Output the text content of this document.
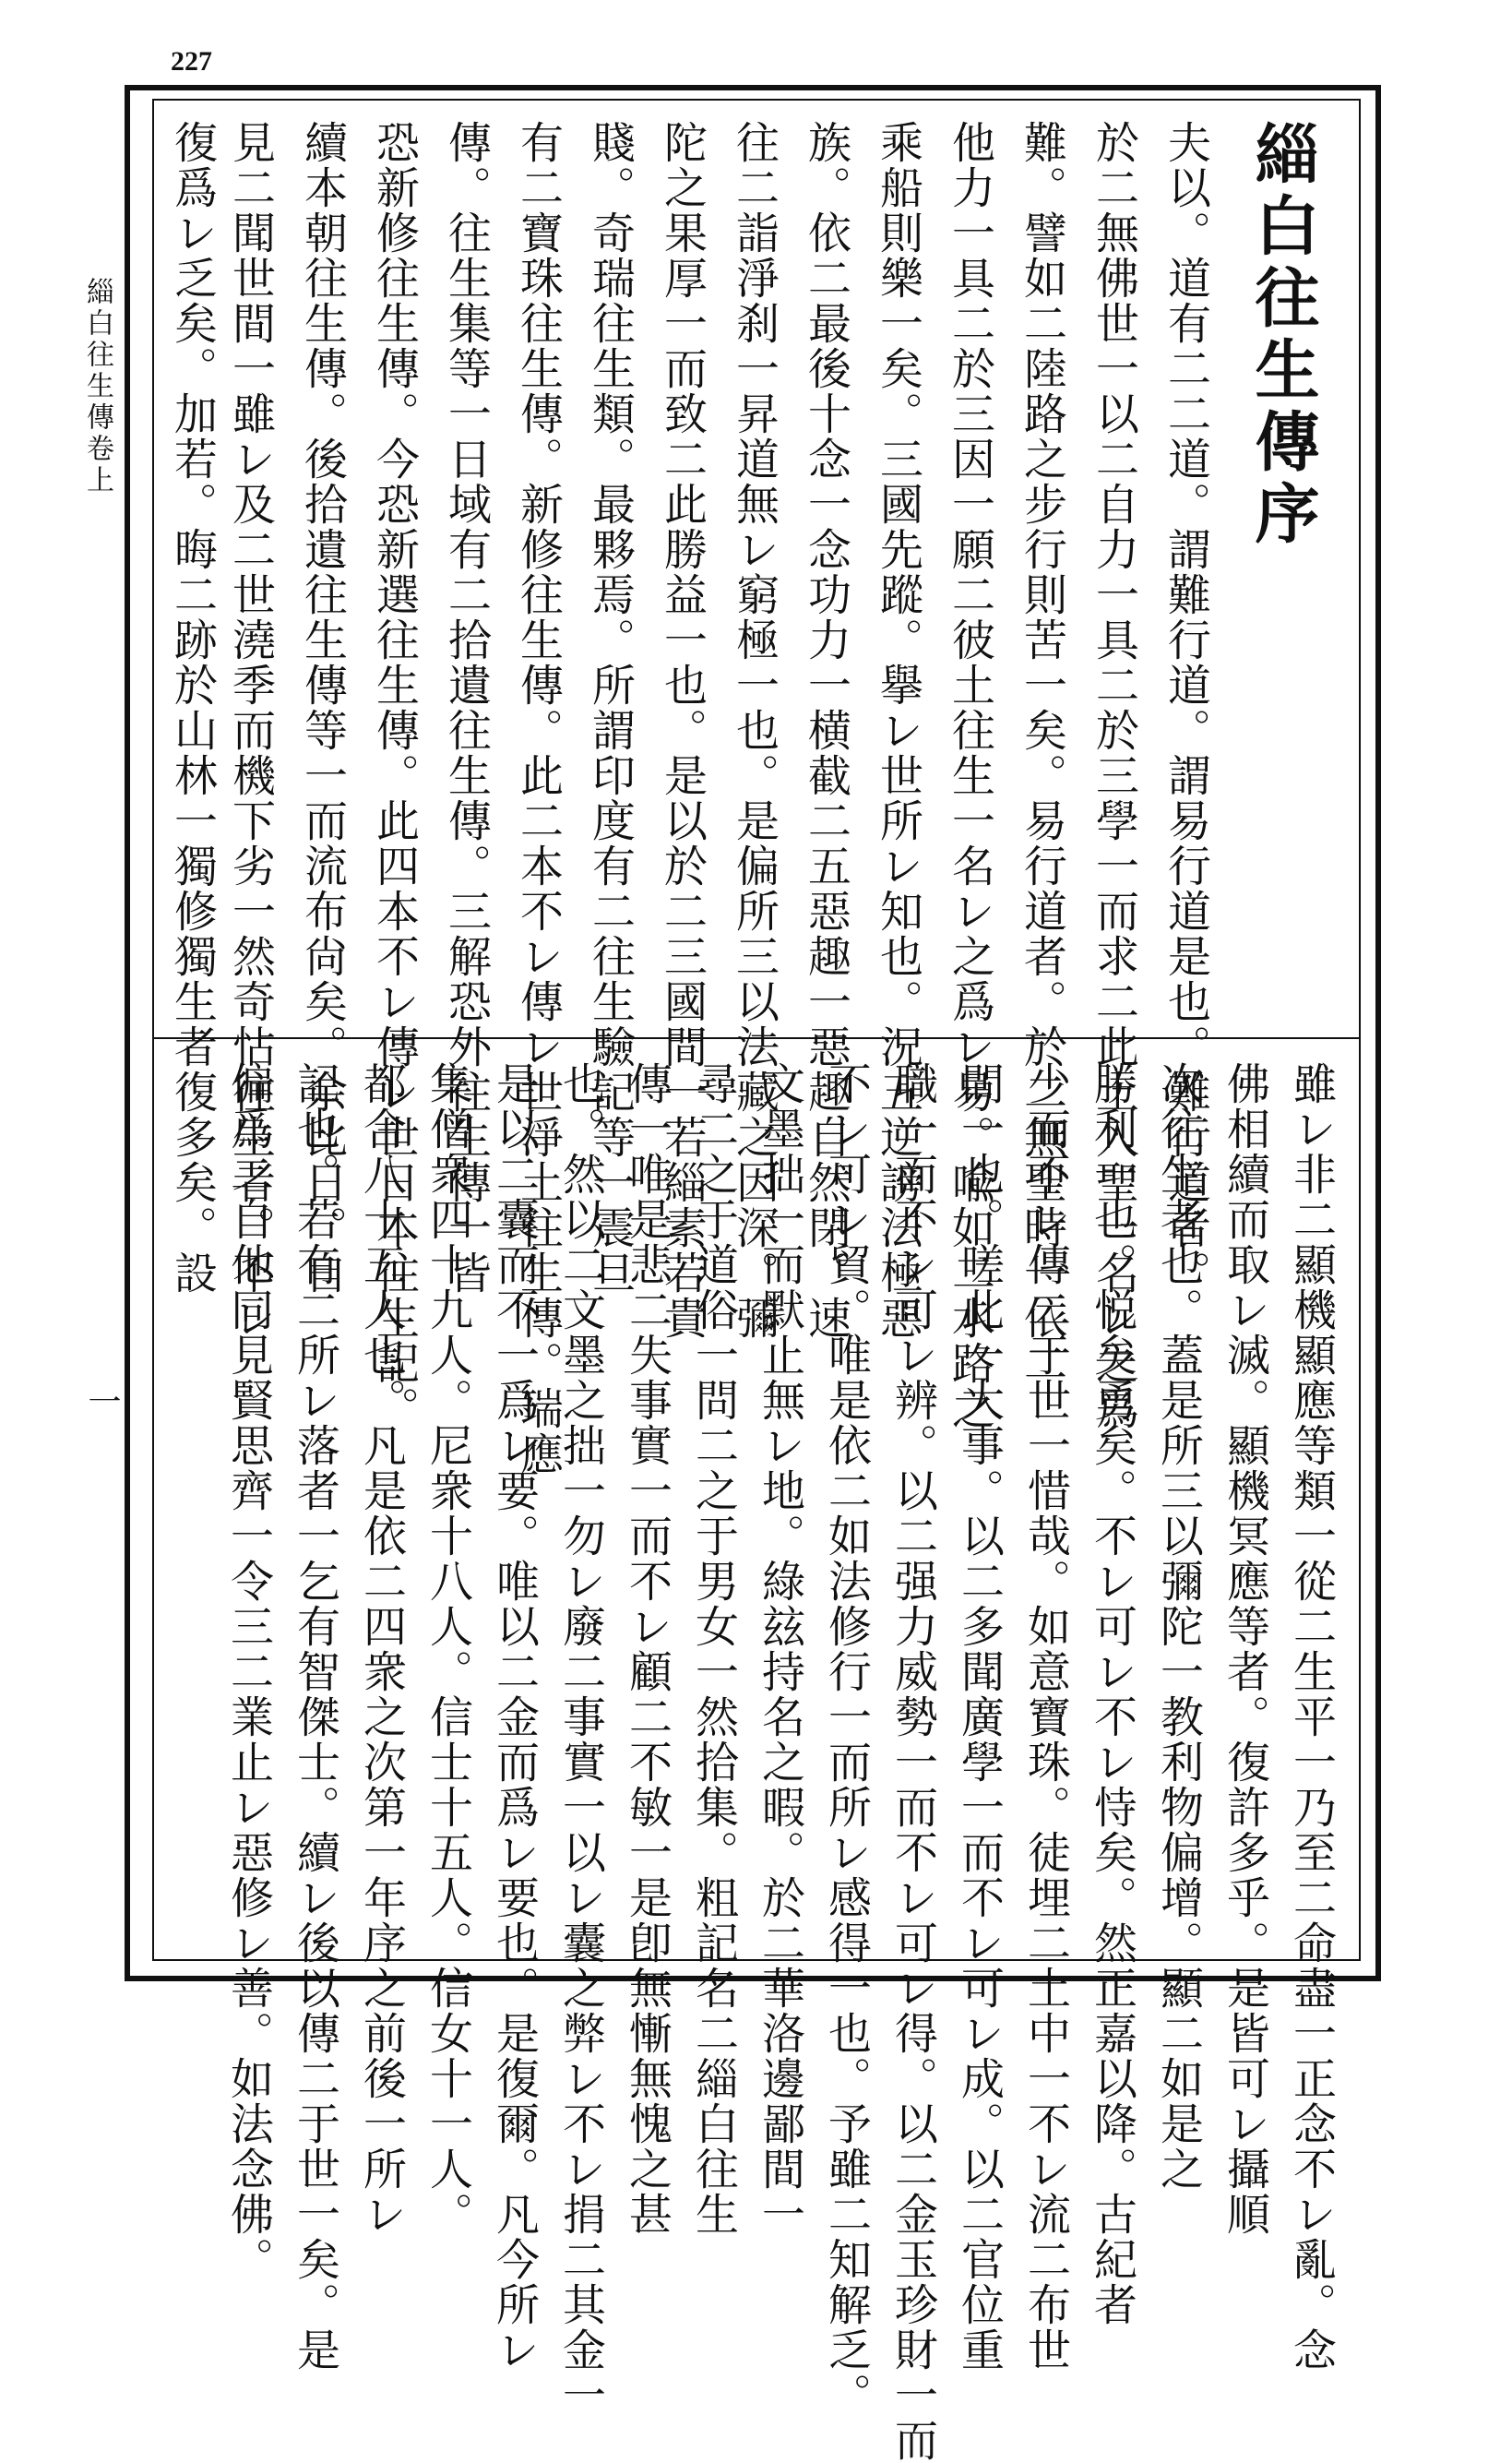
227
緇白往生傳卷上
一
緇白往生傳序
夫以。道有二二道。謂難行道。謂易行道是也。難行道者。
於二無佛世一以二自力一具二於三學一而求二此土入聖一名レ之爲
難。譬如二陸路之步行則苦一矣。易行道者。於二無聖時一依二
他力一具二於三因一願二彼土往生一名レ之爲レ易。喩如二水路之
乘船則樂一矣。三國先蹤。擧レ世所レ知也。況五逆謗法極惡
族。依二最後十念一念功力一横截二五惡趣一惡趣自然閉。速
往二詣淨刹一昇道無レ窮極一也。是偏所三以法藏之因深。彌
陀之果厚一而致二此勝益一也。是以於二三國間一若緇素若貴
賤。奇瑞往生類。最夥焉。所謂印度有二往生驗記等一震旦
有二寶珠往生傳。新修往生傳。此二本不レ傳レ世淨土往生傳。瑞應
傳。往生集等一日域有二拾遺往生傳。三解恐外往生傳一皆
恐新修往生傳。今恐新選往生傳。此四本不レ傳レ世日本往生記。
續本朝往生傳。後拾遺往生傳等一而流布尙矣。余比日。自
見二聞世間一雖レ及二世澆季而機下劣一然奇怗往生者。不レ
復爲レ乏矣。加若。晦二跡於山林一獨修獨生者復多矣。設
雖レ非二顯機顯應等類一從二生平一乃至二命盡一正念不レ亂。念
佛相續而取レ滅。顯機冥應等者。復許多乎。是皆可レ攝順
次往生者也。蓋是所三以彌陀一教利物偏增。顯二如是之
勝利一也。悦矣勇矣。不レ可レ不レ恃矣。然正嘉以降。古紀者
少而不レ傳二于世一惜哉。如意寶珠。徒埋二土中一不レ流二布世
間一也。嗟此一大事。以二多聞廣學一而不レ可レ成。以二官位重
職一而不レ可レ辨。以二强力威勢一而不レ可レ得。以二金玉珍財一而
不レ可レ貿。唯是依二如法修行一而所レ感得一也。予雖二知解乏。
文墨拙一而默止無レ地。綠玆持名之暇。於二華洛邊鄙間一
尋二之于道俗一問二之于男女一然拾集。粗記名二緇白往生
傳一唯是悲二失事實一而不レ顧二不敏一是卽無慚無愧之甚
也。然以二文墨之拙一勿レ廢二事實一以レ囊之弊レ不レ捐二其金一
是以二囊而不一爲レ要。唯以二金而爲レ要也。是復爾。凡今所レ
集僧衆四十九人。尼衆十八人。信士十五人。信女十一人。
都合八十五人也。凡是依二四衆之次第一年序之前後一所レ
記也。若有二所レ落者一乞有智傑士。續レ後以傳二于世一矣。是
偏爲二自他同見賢思齊一令三二業止レ惡修レ善。如法念佛。
